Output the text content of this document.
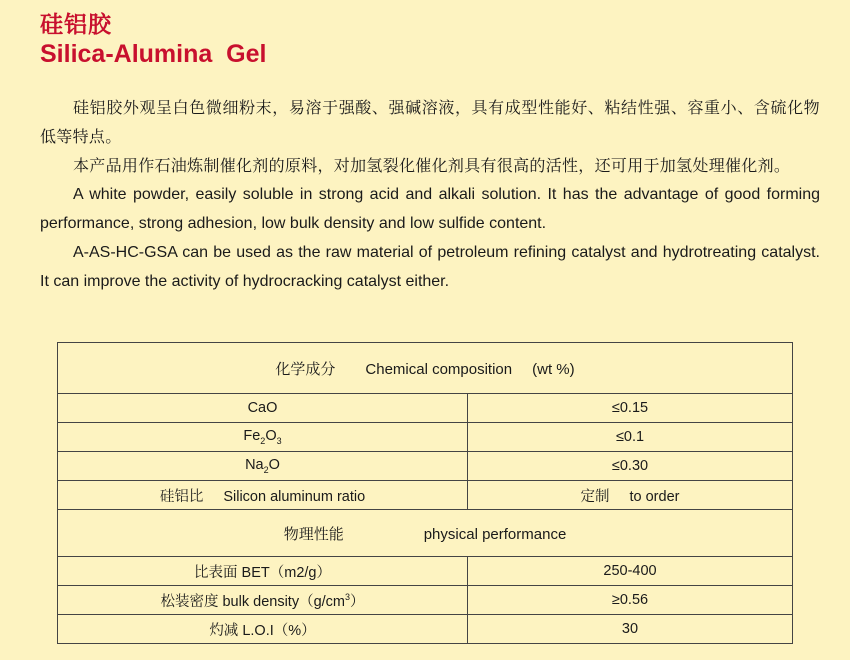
硅铝胶
Silica-Alumina  Gel

硅铝胶外观呈白色微细粉末，易溶于强酸、强碱溶液，具有成型性能好、粘结性强、容重小、含硫化物低等特点。

本产品用作石油炼制催化剂的原料，对加氢裂化催化剂具有很高的活性，还可用于加氢处理催化剂。

A white powder, easily soluble in strong acid and alkali solution. It has the advantage of good forming performance, strong adhesion, low bulk density and low sulfide content.

A-AS-HC-GSA can be used as the raw material of petroleum refining catalyst and hydrotreating catalyst. It can improve the activity of hydrocracking catalyst either.

化学成分 Chemical composition (wt %)	
CaO	≤0.15
$Fe_2O_3$	≤0.1
$Na_2O$	≤0.30
硅铝比 Silicon aluminum ratio	定制 to order
物理性能 physical performance	
比表面 BET（m2/g）	250-400
松装密度 bulk $density(g/cm^3)$	≥0.56
灼减 L.O.I（%）	30
